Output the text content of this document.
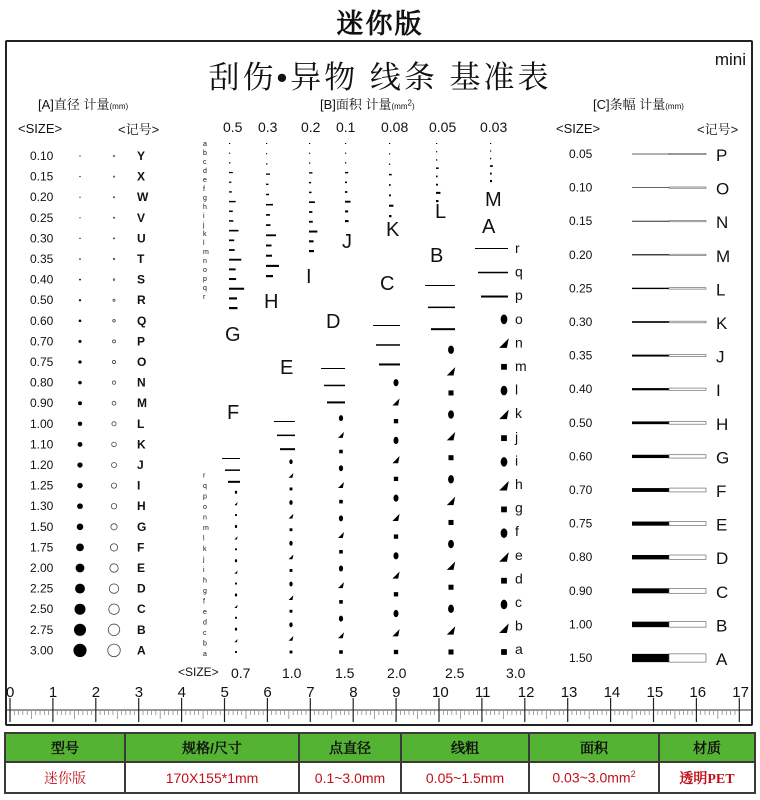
迷你版
刮伤•异物 线条 基准表
mini
[A]直径 计量(mm)
<SIZE>	<记号>
[B]面积 计量$(mm^2)$	[C]条幅 计量(mm)
<SIZE>	<记号>
0.10	Y
0.15	X
0.20	W
0.25	V
0.30	U
0.35	T
0.40	S
0.50	R
0.60	Q
0.70	P
0.75	O
0.80	N
0.90	M
1.00	L
1.10	K
1.20	J
1.25	I
1.30	H
1.50	G
1.75	F
2.00	E
2.25	D
2.50	C
2.75	B
3.00	A
0.05	P
0.10	O
0.15	N
0.20	M
0.25	L
0.30	K
0.35	J
0.40	I
0.50	H
0.60	G
0.70	F
0.75	E
0.80	D
0.90	C
1.00	B
1.50	A
0.5 0.3 0.2 0.1 0.08 0.05 0.03
<SIZE> 0.7 1.0 1.5 2.0	2.5	3.0
a
b
c
d
e
f
g
h
i
j
k
l
m
n
o
p
q
r
a
b
c
d
e
f
g
h
i
j
k
l
m
n
o
p
q
r
A
B
C
D
E
F
G
H
I
J
K
L
M
r
q
p
o
n
m
l
k
j
i
h
g
f
e
d
c
b
a
0 1 2 3 4 5 6 7 8 9 10 11 12 13 14 15 16 17
型号	规格/尺寸	点直径	线粗	面积	材质
迷你版	170X155*1mm	0.1~3.0mm	0.05~1.5mm	$0.03\sim 3.0mm^2$	透明PET
